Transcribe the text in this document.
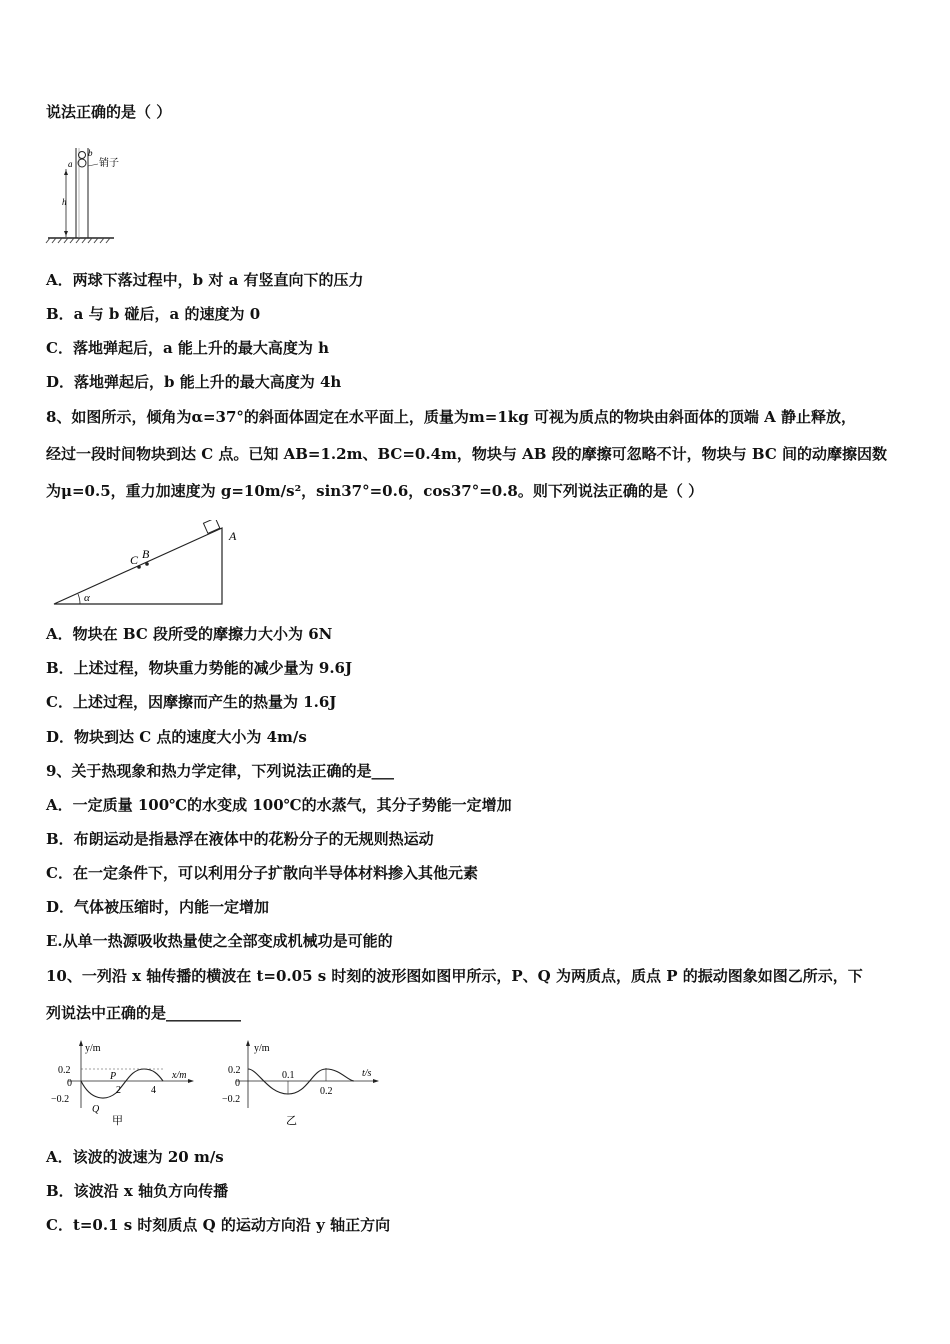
说法正确的是（ ）
h
a
b
销子
A．两球下落过程中，b 对 a 有竖直向下的压力
B．a 与 b 碰后，a 的速度为 0
C．落地弹起后，a 能上升的最大高度为 h
D．落地弹起后，b 能上升的最大高度为 4h
8、如图所示，倾角为α=37°的斜面体固定在水平面上，质量为m=1kg 可视为质点的物块由斜面体的顶端 A 静止释放，
经过一段时间物块到达 C 点。已知 AB=1.2m、BC=0.4m，物块与 AB 段的摩擦可忽略不计，物块与 BC 间的动摩擦因数
为μ=0.5，重力加速度为 g=10m/s²，sin37°=0.6，cos37°=0.8。则下列说法正确的是（ ）
C B
A
α
A．物块在 BC 段所受的摩擦力大小为 6N
B．上述过程，物块重力势能的减少量为 9.6J
C．上述过程，因摩擦而产生的热量为 1.6J
D．物块到达 C 点的速度大小为 4m/s
9、关于热现象和热力学定律，下列说法正确的是___
A．一定质量 100℃的水变成 100℃的水蒸气，其分子势能一定增加
B．布朗运动是指悬浮在液体中的花粉分子的无规则热运动
C．在一定条件下，可以利用分子扩散向半导体材料掺入其他元素
D．气体被压缩时，内能一定增加
E.从单一热源吸收热量使之全部变成机械功是可能的
10、一列沿 x 轴传播的横波在 t=0.05 s 时刻的波形图如图甲所示，P、Q 为两质点，质点 P 的振动图象如图乙所示，下
列说法中正确的是__________
y/m
x/m
0.2
0
−0.2
2	4
P
Q
甲
y/m
t/s
0.2
0
−0.2
0.1
0.2
乙
A．该波的波速为 20 m/s
B．该波沿 x 轴负方向传播
C．t=0.1 s 时刻质点 Q 的运动方向沿 y 轴正方向
